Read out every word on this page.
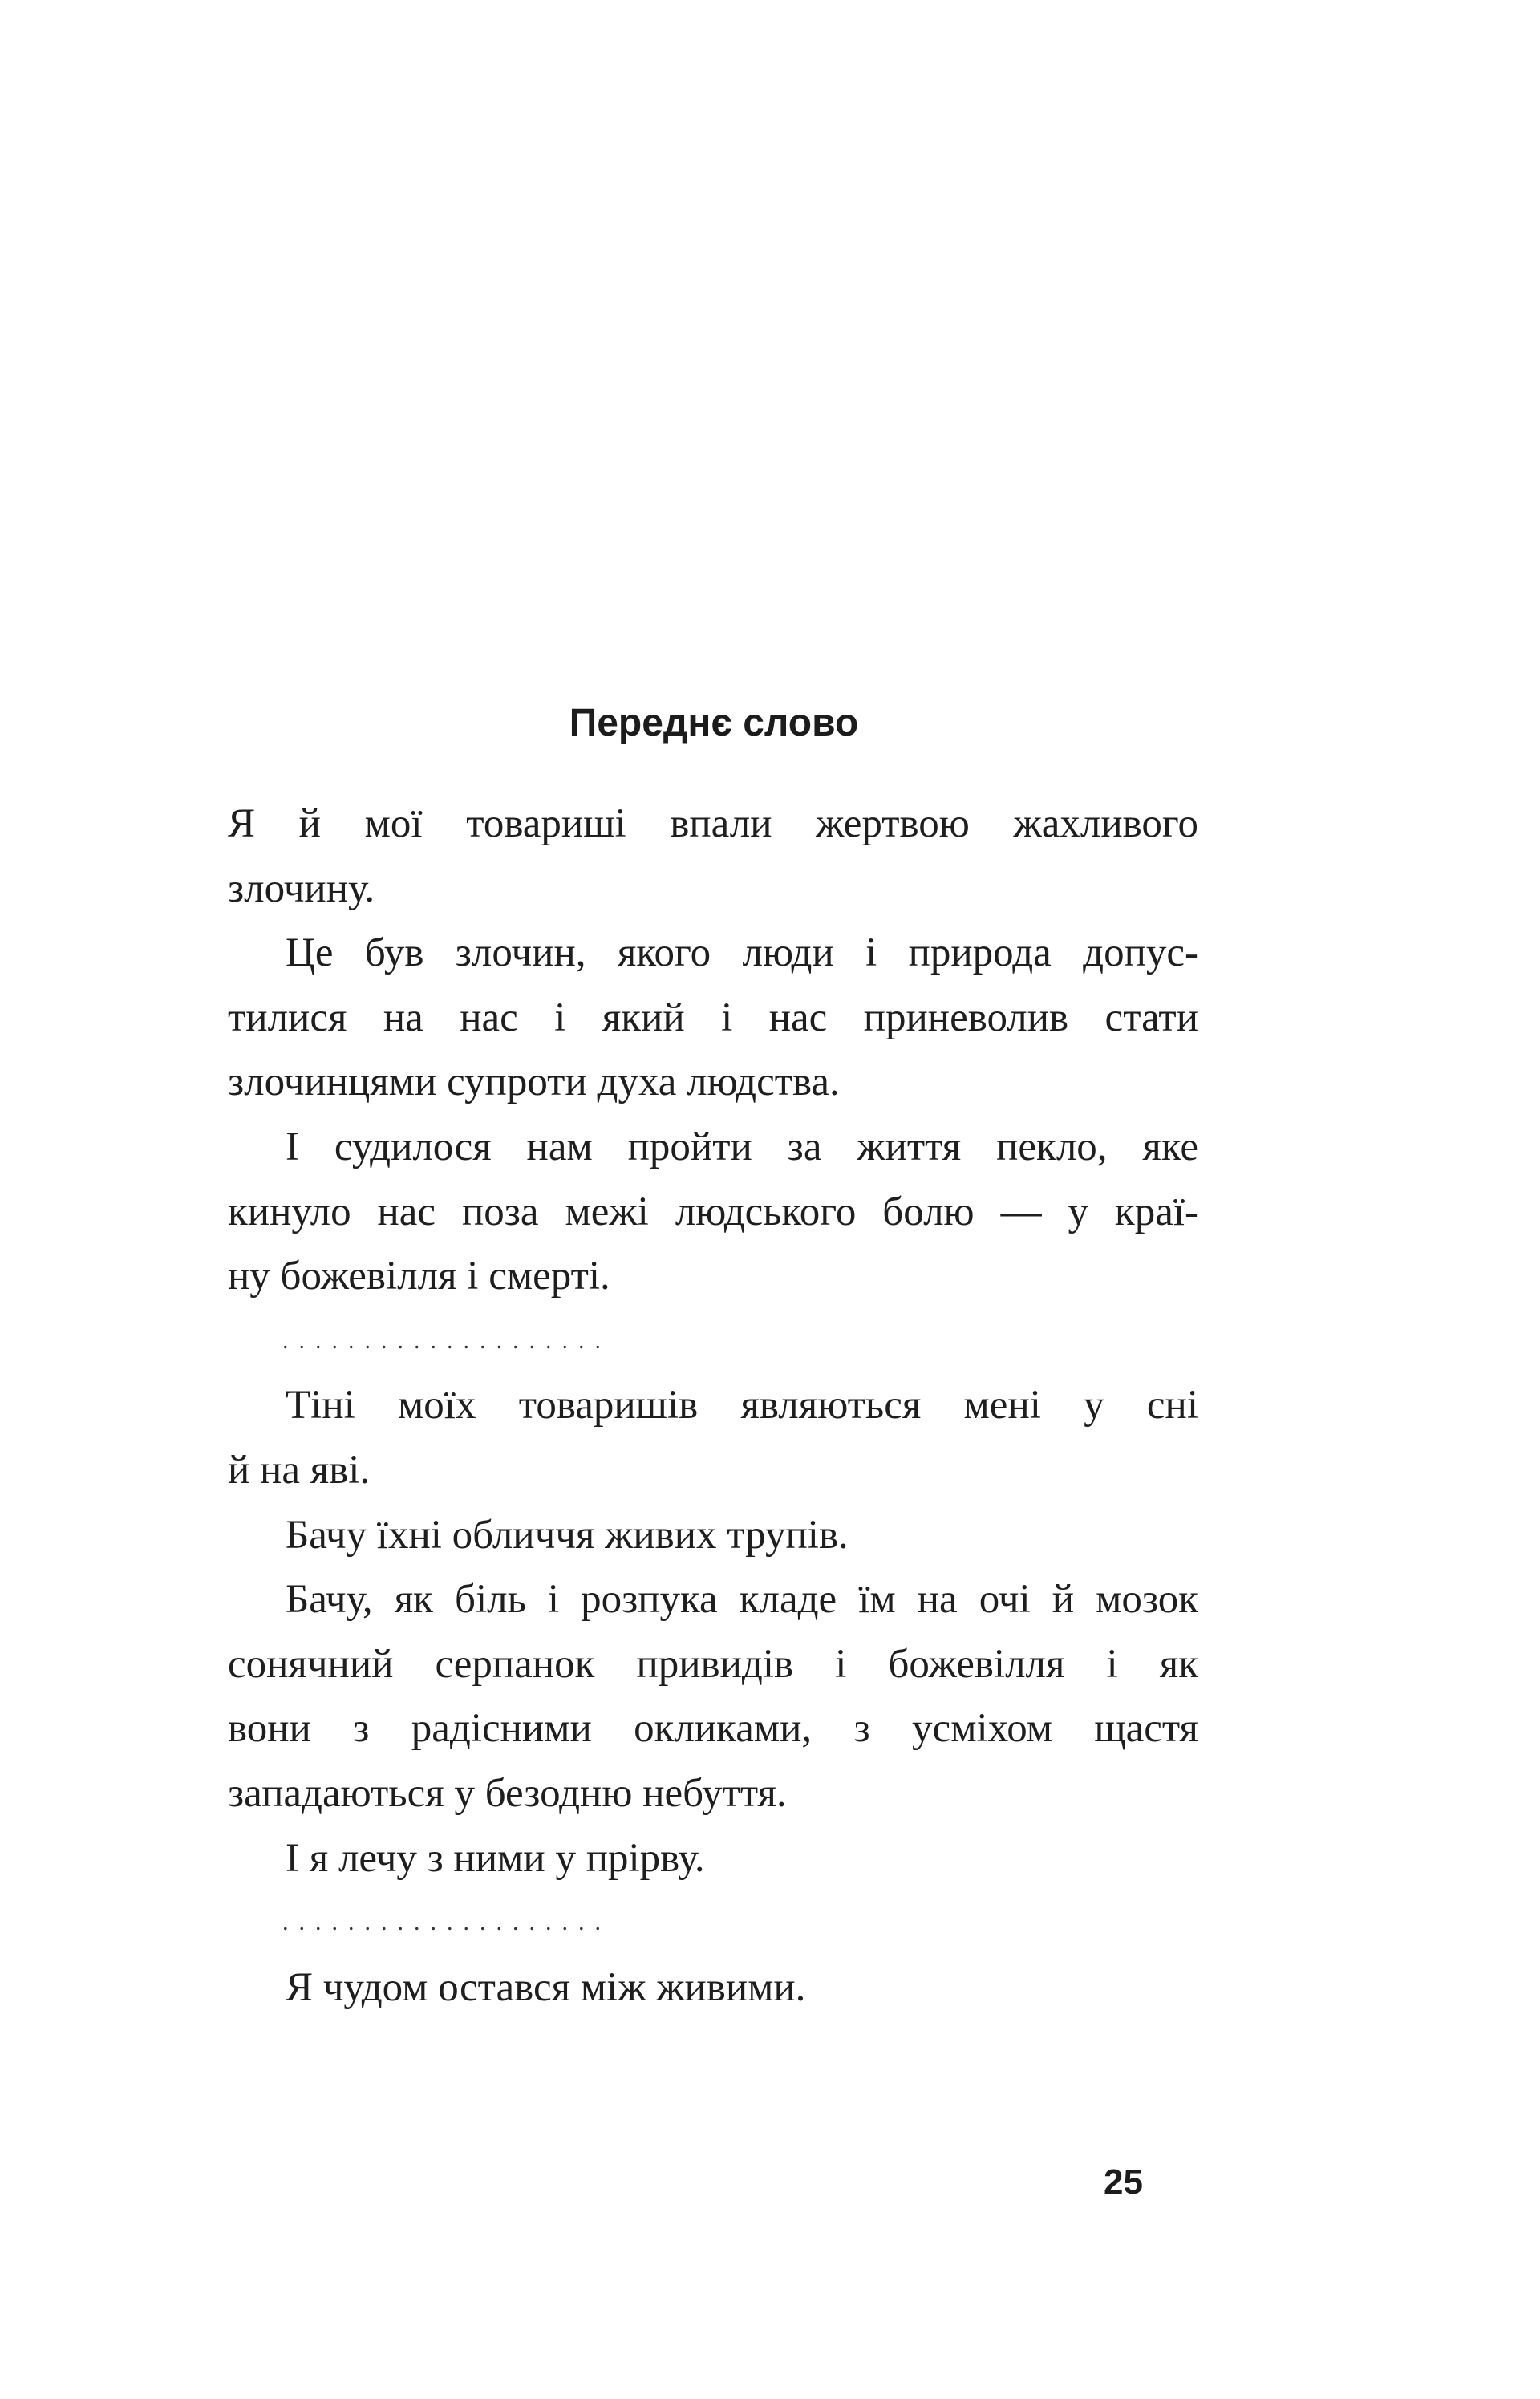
Переднє слово
Я й мої товариші впали жертвою жахливого
злочину.
Це був злочин, якого люди і природа допус-
тилися на нас і який і нас приневолив стати
злочинцями супроти духа людства.
І судилося нам пройти за життя пекло, яке
кинуло нас поза межі людського болю — у краї-
ну божевілля і смерті.
....................
Тіні моїх товаришів являються мені у сні
й на яві.
Бачу їхні обличчя живих трупів.
Бачу, як біль і розпука кладе їм на очі й мозок
сонячний серпанок привидів і божевілля і як
вони з радісними окликами, з усміхом щастя
западаються у безодню небуття.
І я лечу з ними у прірву.
....................
Я чудом остався між живими.
25
